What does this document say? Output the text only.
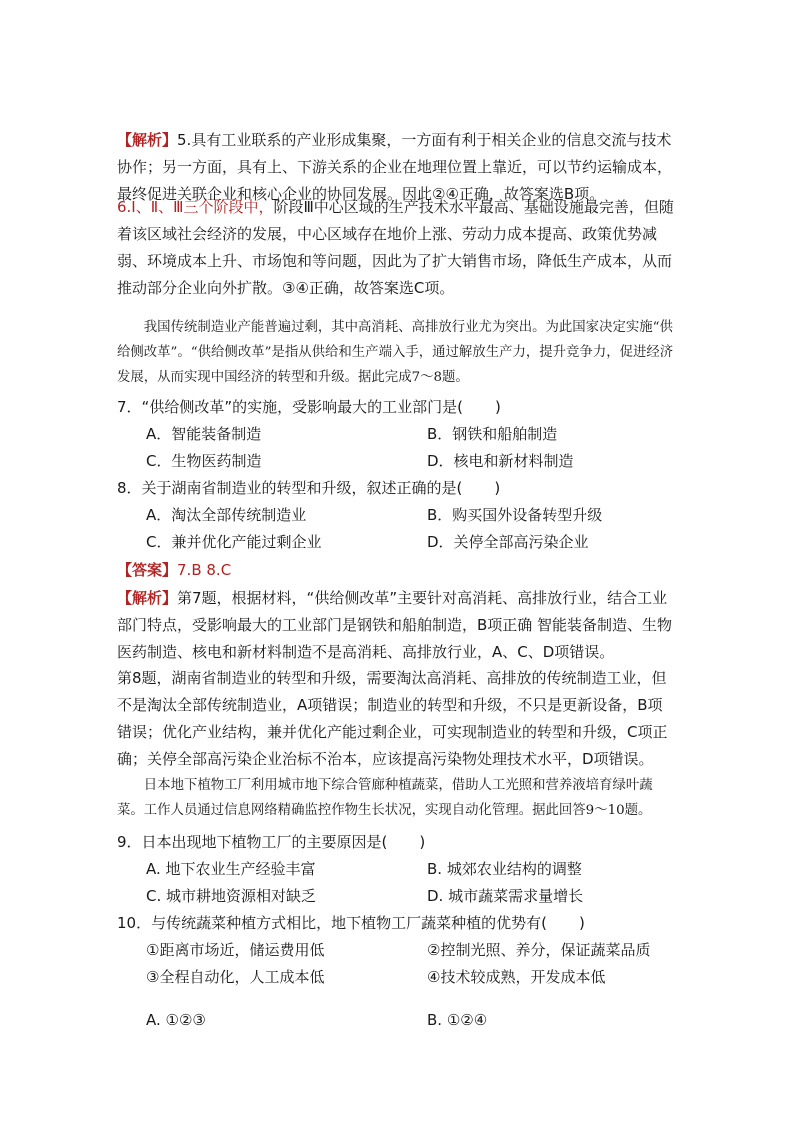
【解析】5.具有工业联系的产业形成集聚，一方面有利于相关企业的信息交流与技术协作；另一方面，具有上、下游关系的企业在地理位置上靠近，可以节约运输成本，最终促进关联企业和核心企业的协同发展。因此②④正确，故答案选B项。
6.Ⅰ、Ⅱ、Ⅲ三个阶段中，阶段Ⅲ中心区域的生产技术水平最高、基础设施最完善，但随着该区域社会经济的发展，中心区域存在地价上涨、劳动力成本提高、政策优势减弱、环境成本上升、市场饱和等问题，因此为了扩大销售市场，降低生产成本，从而推动部分企业向外扩散。③④正确，故答案选C项。
我国传统制造业产能普遍过剩，其中高消耗、高排放行业尤为突出。为此国家决定实施“供给侧改革”。“供给侧改革”是指从供给和生产端入手，通过解放生产力，提升竞争力，促进经济发展，从而实现中国经济的转型和升级。据此完成7～8题。
7．“供给侧改革”的实施，受影响最大的工业部门是( )
A．智能装备制造	B．钢铁和船舶制造
C．生物医药制造	D．核电和新材料制造
8．关于湖南省制造业的转型和升级，叙述正确的是( )
A．淘汰全部传统制造业	B．购买国外设备转型升级
C．兼并优化产能过剩企业	D．关停全部高污染企业
【答案】7.B 8.C
【解析】第7题，根据材料，“供给侧改革”主要针对高消耗、高排放行业，结合工业部门特点，受影响最大的工业部门是钢铁和船舶制造，B项正确 智能装备制造、生物医药制造、核电和新材料制造不是高消耗、高排放行业，A、C、D项错误。
第8题，湖南省制造业的转型和升级，需要淘汰高消耗、高排放的传统制造工业，但不是淘汰全部传统制造业，A项错误；制造业的转型和升级，不只是更新设备，B项错误；优化产业结构，兼并优化产能过剩企业，可实现制造业的转型和升级，C项正确；关停全部高污染企业治标不治本，应该提高污染物处理技术水平，D项错误。
日本地下植物工厂利用城市地下综合管廊种植蔬菜，借助人工光照和营养液培育绿叶蔬菜。工作人员通过信息网络精确监控作物生长状况，实现自动化管理。据此回答9～10题。
9．日本出现地下植物工厂的主要原因是( )
A. 地下农业生产经验丰富	B. 城郊农业结构的调整
C. 城市耕地资源相对缺乏	D. 城市蔬菜需求量增长
10．与传统蔬菜种植方式相比，地下植物工厂蔬菜种植的优势有( )
①距离市场近，储运费用低	②控制光照、养分，保证蔬菜品质
③全程自动化，人工成本低	④技术较成熟，开发成本低
A. ①②③	B. ①②④
